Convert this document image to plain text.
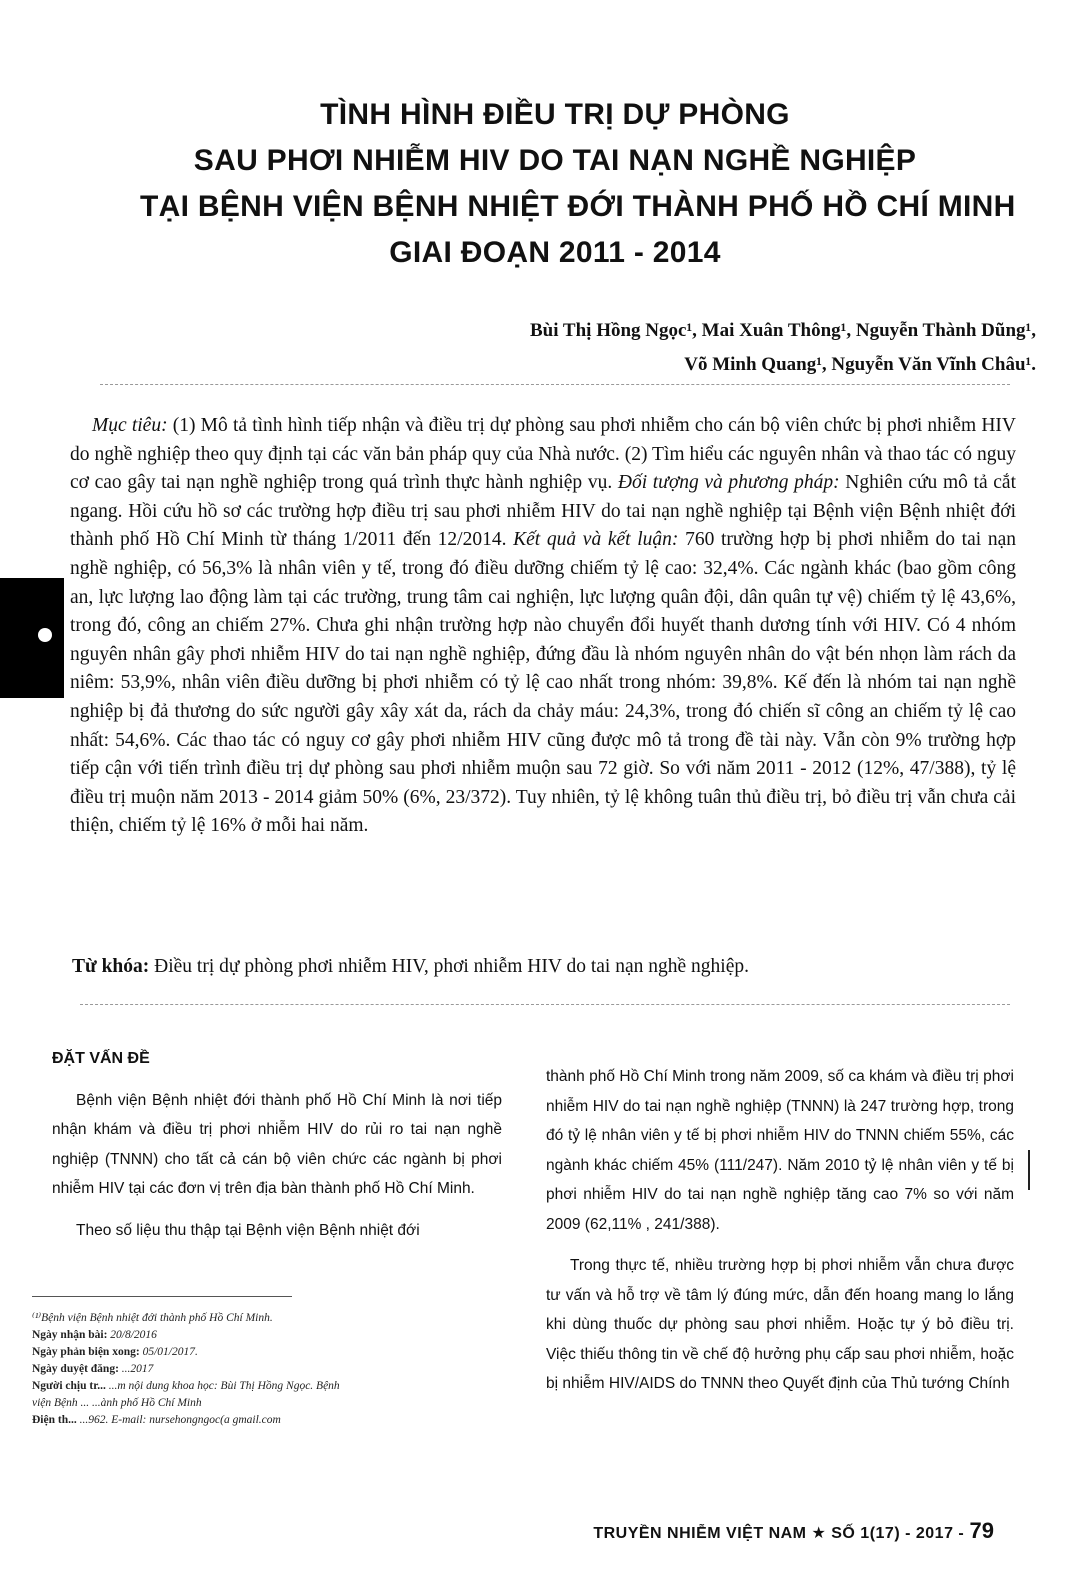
TÌNH HÌNH ĐIỀU TRỊ DỰ PHÒNG
SAU PHƠI NHIỄM HIV DO TAI NẠN NGHỀ NGHIỆP
TẠI BỆNH VIỆN BỆNH NHIỆT ĐỚI THÀNH PHỐ HỒ CHÍ MINH
GIAI ĐOẠN 2011 - 2014
Bùi Thị Hồng Ngọc¹, Mai Xuân Thông¹, Nguyễn Thành Dũng¹,
Võ Minh Quang¹, Nguyễn Văn Vĩnh Châu¹.

Mục tiêu: (1) Mô tả tình hình tiếp nhận và điều trị dự phòng sau phơi nhiễm cho cán bộ viên chức bị phơi nhiễm HIV do nghề nghiệp theo quy định tại các văn bản pháp quy của Nhà nước. (2) Tìm hiểu các nguyên nhân và thao tác có nguy cơ cao gây tai nạn nghề nghiệp trong quá trình thực hành nghiệp vụ. Đối tượng và phương pháp: Nghiên cứu mô tả cắt ngang. Hồi cứu hồ sơ các trường hợp điều trị sau phơi nhiễm HIV do tai nạn nghề nghiệp tại Bệnh viện Bệnh nhiệt đới thành phố Hồ Chí Minh từ tháng 1/2011 đến 12/2014. Kết quả và kết luận: 760 trường hợp bị phơi nhiễm do tai nạn nghề nghiệp, có 56,3% là nhân viên y tế, trong đó điều dưỡng chiếm tỷ lệ cao: 32,4%. Các ngành khác (bao gồm công an, lực lượng lao động làm tại các trường, trung tâm cai nghiện, lực lượng quân đội, dân quân tự vệ) chiếm tỷ lệ 43,6%, trong đó, công an chiếm 27%. Chưa ghi nhận trường hợp nào chuyển đổi huyết thanh dương tính với HIV. Có 4 nhóm nguyên nhân gây phơi nhiễm HIV do tai nạn nghề nghiệp, đứng đầu là nhóm nguyên nhân do vật bén nhọn làm rách da niêm: 53,9%, nhân viên điều dưỡng bị phơi nhiễm có tỷ lệ cao nhất trong nhóm: 39,8%. Kế đến là nhóm tai nạn nghề nghiệp bị đả thương do sức người gây xây xát da, rách da chảy máu: 24,3%, trong đó chiến sĩ công an chiếm tỷ lệ cao nhất: 54,6%. Các thao tác có nguy cơ gây phơi nhiễm HIV cũng được mô tả trong đề tài này. Vẫn còn 9% trường hợp tiếp cận với tiến trình điều trị dự phòng sau phơi nhiễm muộn sau 72 giờ. So với năm 2011 - 2012 (12%, 47/388), tỷ lệ điều trị muộn năm 2013 - 2014 giảm 50% (6%, 23/372). Tuy nhiên, tỷ lệ không tuân thủ điều trị, bỏ điều trị vẫn chưa cải thiện, chiếm tỷ lệ 16% ở mỗi hai năm.

Từ khóa: Điều trị dự phòng phơi nhiễm HIV, phơi nhiễm HIV do tai nạn nghề nghiệp.

ĐẶT VẤN ĐỀ

Bệnh viện Bệnh nhiệt đới thành phố Hồ Chí Minh là nơi tiếp nhận khám và điều trị phơi nhiễm HIV do rủi ro tai nạn nghề nghiệp (TNNN) cho tất cả cán bộ viên chức các ngành bị phơi nhiễm HIV tại các đơn vị trên địa bàn thành phố Hồ Chí Minh.

Theo số liệu thu thập tại Bệnh viện Bệnh nhiệt đới

thành phố Hồ Chí Minh trong năm 2009, số ca khám và điều trị phơi nhiễm HIV do tai nạn nghề nghiệp (TNNN) là 247 trường hợp, trong đó tỷ lệ nhân viên y tế bị phơi nhiễm HIV do TNNN chiếm 55%, các ngành khác chiếm 45% (111/247). Năm 2010 tỷ lệ nhân viên y tế bị phơi nhiễm HIV do tai nạn nghề nghiệp tăng cao 7% so với năm 2009 (62,11% , 241/388).

Trong thực tế, nhiều trường hợp bị phơi nhiễm vẫn chưa được tư vấn và hỗ trợ về tâm lý đúng mức, dẫn đến hoang mang lo lắng khi dùng thuốc dự phòng sau phơi nhiễm. Hoặc tự ý bỏ điều trị. Việc thiếu thông tin về chế độ hưởng phụ cấp sau phơi nhiễm, hoặc bị nhiễm HIV/AIDS do TNNN theo Quyết định của Thủ tướng Chính

⁽¹⁾Bệnh viện Bệnh nhiệt đới thành phố Hồ Chí Minh.
Ngày nhận bài: 20/8/2016
Ngày phản biện xong: 05/01/2017.
Ngày duyệt đăng: ...2017
Người chịu tr... ...m nội dung khoa học: Bùi Thị Hồng Ngọc. Bệnh
viện Bệnh ... ...ành phố Hồ Chí Minh
Điện th... ...962. E-mail: nursehongngoc(a gmail.com
TRUYỀN NHIỄM VIỆT NAM ★ SỐ 1(17) - 2017 - 79
